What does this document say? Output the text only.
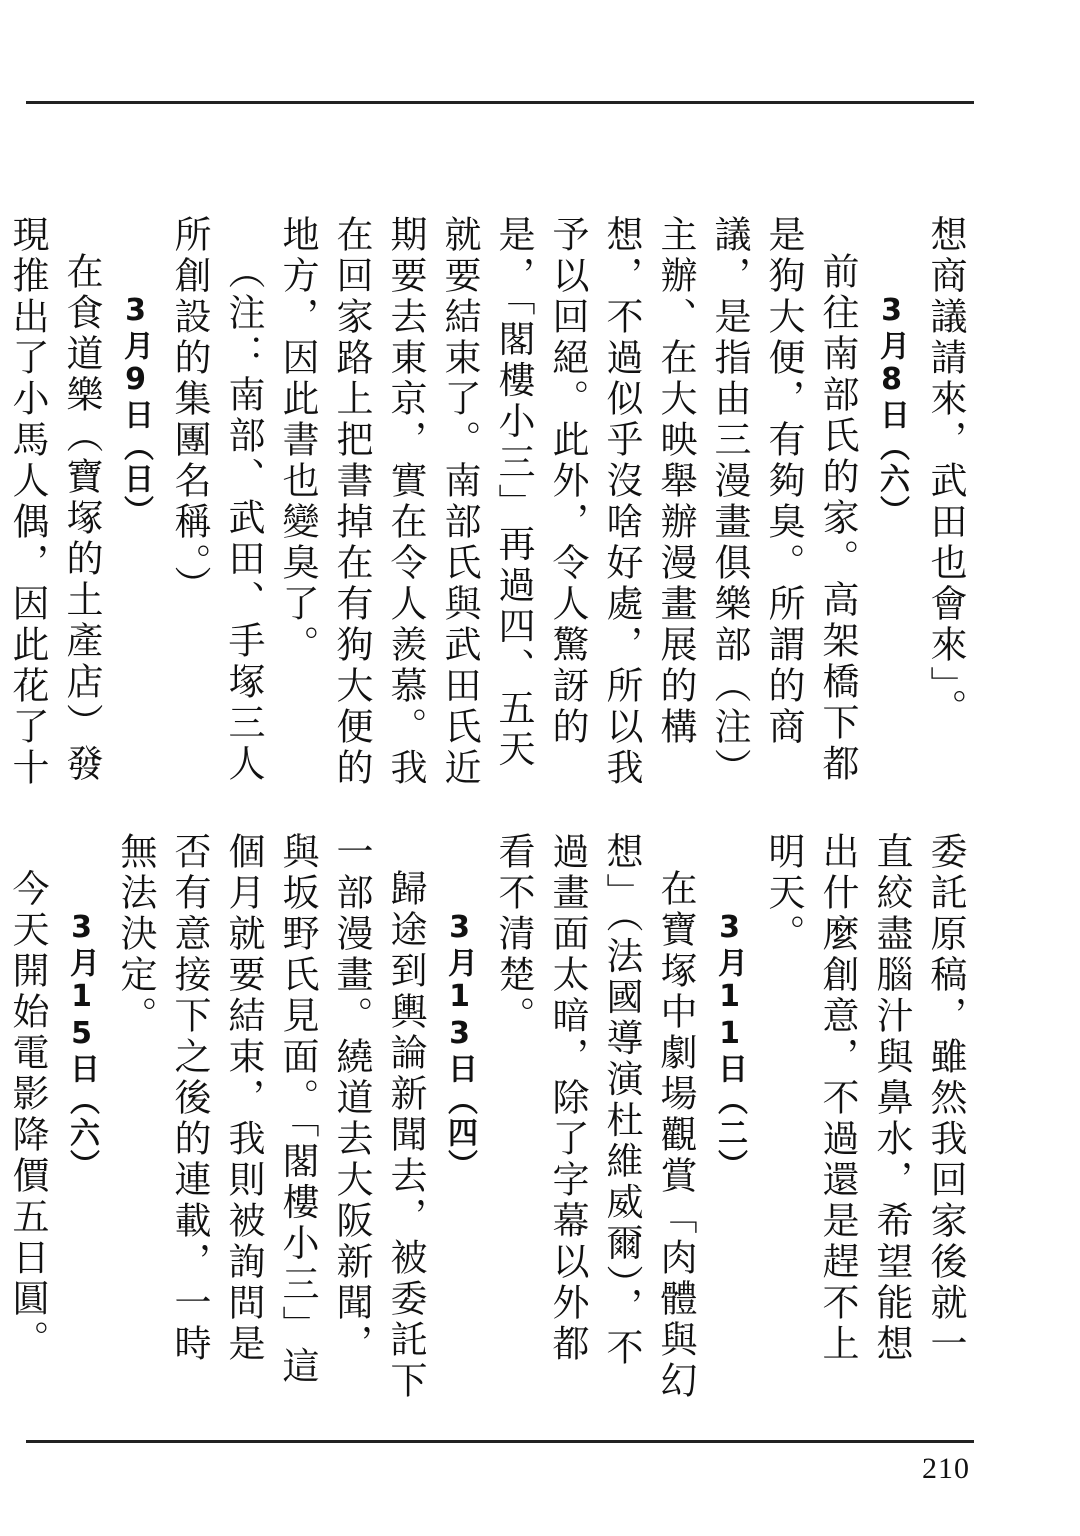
想商議請來，武田也會來」。
3月8日（六）
前往南部氏的家。高架橋下都是狗大便，有夠臭。所謂的商議，是指由三漫畫俱樂部（注）主辦、在大映舉辦漫畫展的構想，不過似乎沒啥好處，所以我予以回絕。此外，令人驚訝的是，「閣樓小三」再過四、五天就要結束了。南部氏與武田氏近期要去東京，實在令人羨慕。我在回家路上把書掉在有狗大便的地方，因此書也變臭了。
（注：南部、武田、手塚三人所創設的集團名稱。）
3月9日（日）
在食道樂（寶塚的土產店）發現推出了小馬人偶，因此花了十
委託原稿，雖然我回家後就一直絞盡腦汁與鼻水，希望能想出什麼創意，不過還是趕不上明天。
3月11日（二）
在寶塚中劇場觀賞「肉體與幻想」（法國導演杜維威爾），不過畫面太暗，除了字幕以外都看不清楚。
3月13日（四）
歸途到輿論新聞去，被委託下一部漫畫。繞道去大阪新聞，與坂野氏見面。「閣樓小三」這個月就要結束，我則被詢問是否有意接下之後的連載，一時無法決定。
3月15日（六）
今天開始電影降價五日圓。
210
